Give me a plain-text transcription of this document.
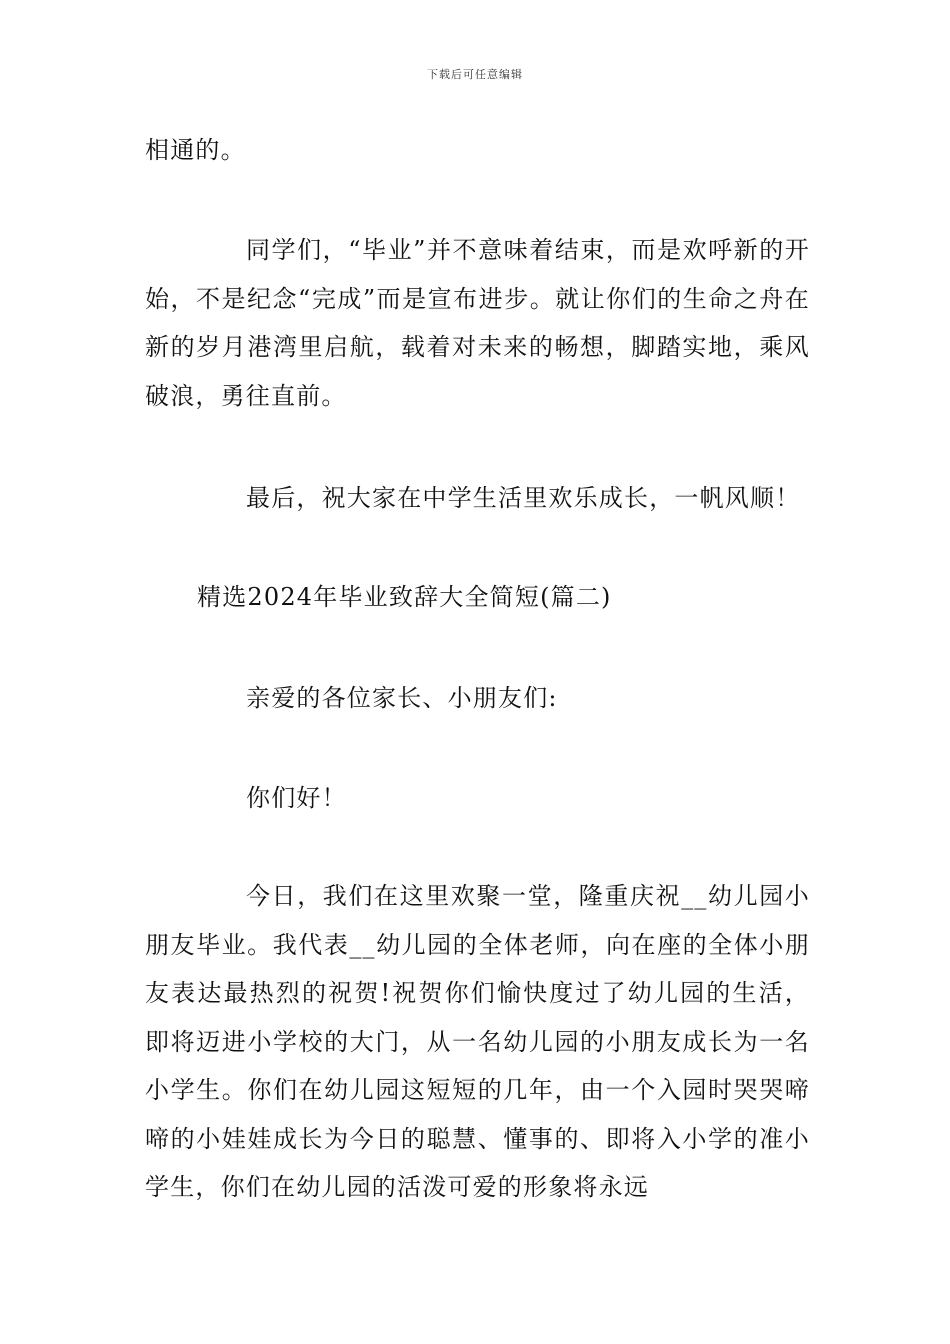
下载后可任意编辑

相通的。

同学们，“毕业”并不意味着结束，而是欢呼新的开始，不是纪念“完成”而是宣布进步。就让你们的生命之舟在新的岁月港湾里启航，载着对未来的畅想，脚踏实地，乘风破浪，勇往直前。

最后，祝大家在中学生活里欢乐成长，一帆风顺！

精选2024年毕业致辞大全简短(篇二)

亲爱的各位家长、小朋友们:

你们好！

今日，我们在这里欢聚一堂，隆重庆祝__幼儿园小朋友毕业。我代表__幼儿园的全体老师，向在座的全体小朋友表达最热烈的祝贺!祝贺你们愉快度过了幼儿园的生活，即将迈进小学校的大门，从一名幼儿园的小朋友成长为一名小学生。你们在幼儿园这短短的几年，由一个入园时哭哭啼啼的小娃娃成长为今日的聪慧、懂事的、即将入小学的准小学生，你们在幼儿园的活泼可爱的形象将永远
